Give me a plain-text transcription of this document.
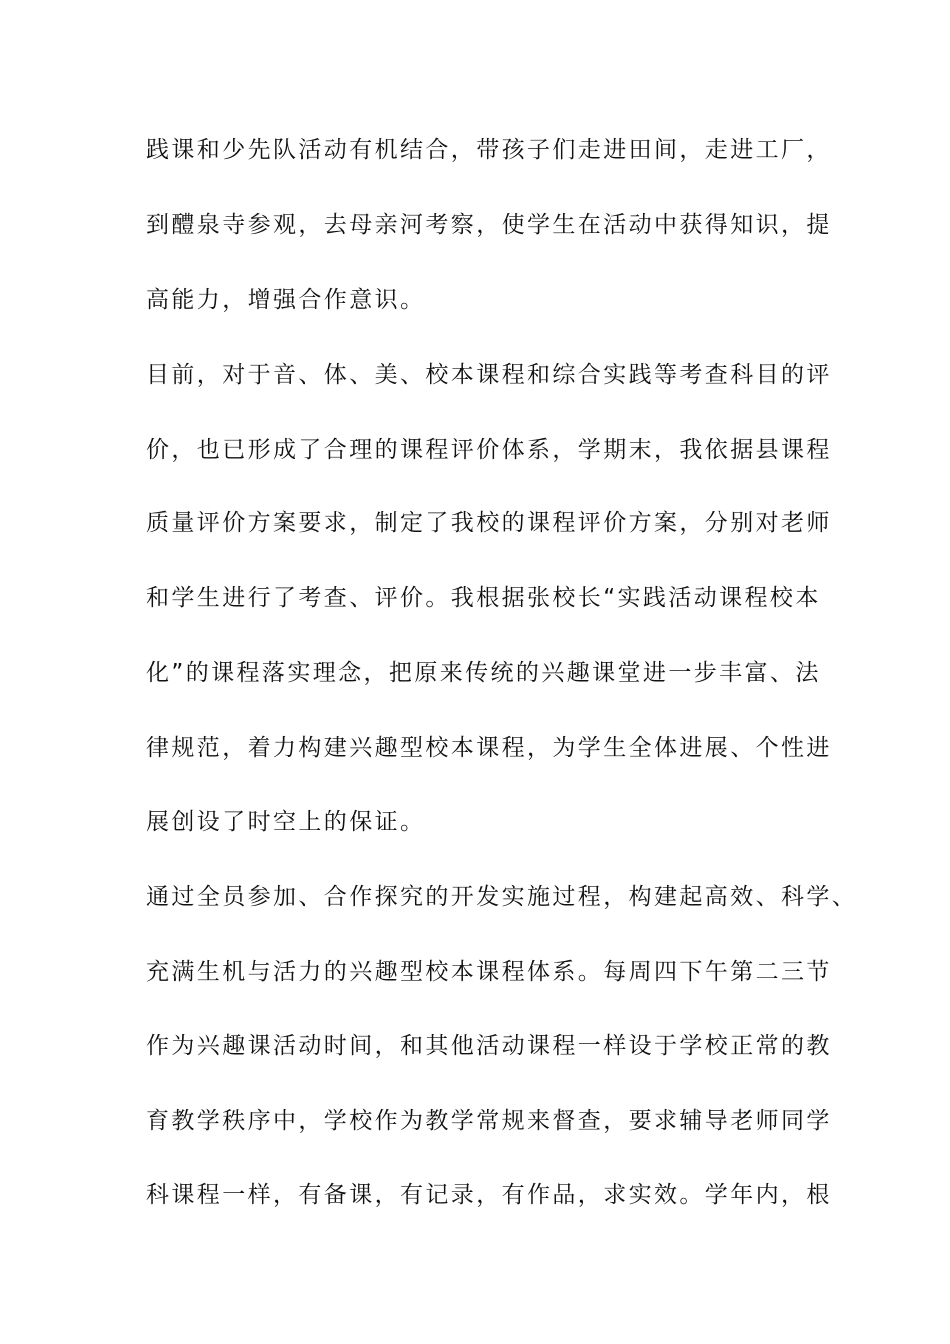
践课和少先队活动有机结合，带孩子们走进田间，走进工厂，
到醴泉寺参观，去母亲河考察，使学生在活动中获得知识，提
高能力，增强合作意识。
目前，对于音、体、美、校本课程和综合实践等考查科目的评
价，也已形成了合理的课程评价体系，学期末，我依据县课程
质量评价方案要求，制定了我校的课程评价方案，分别对老师
和学生进行了考查、评价。我根据张校长“实践活动课程校本
化”的课程落实理念，把原来传统的兴趣课堂进一步丰富、法
律规范，着力构建兴趣型校本课程，为学生全体进展、个性进
展创设了时空上的保证。
通过全员参加、合作探究的开发实施过程，构建起高效、科学、
充满生机与活力的兴趣型校本课程体系。每周四下午第二三节
作为兴趣课活动时间，和其他活动课程一样设于学校正常的教
育教学秩序中，学校作为教学常规来督查，要求辅导老师同学
科课程一样，有备课，有记录，有作品，求实效。学年内，根
